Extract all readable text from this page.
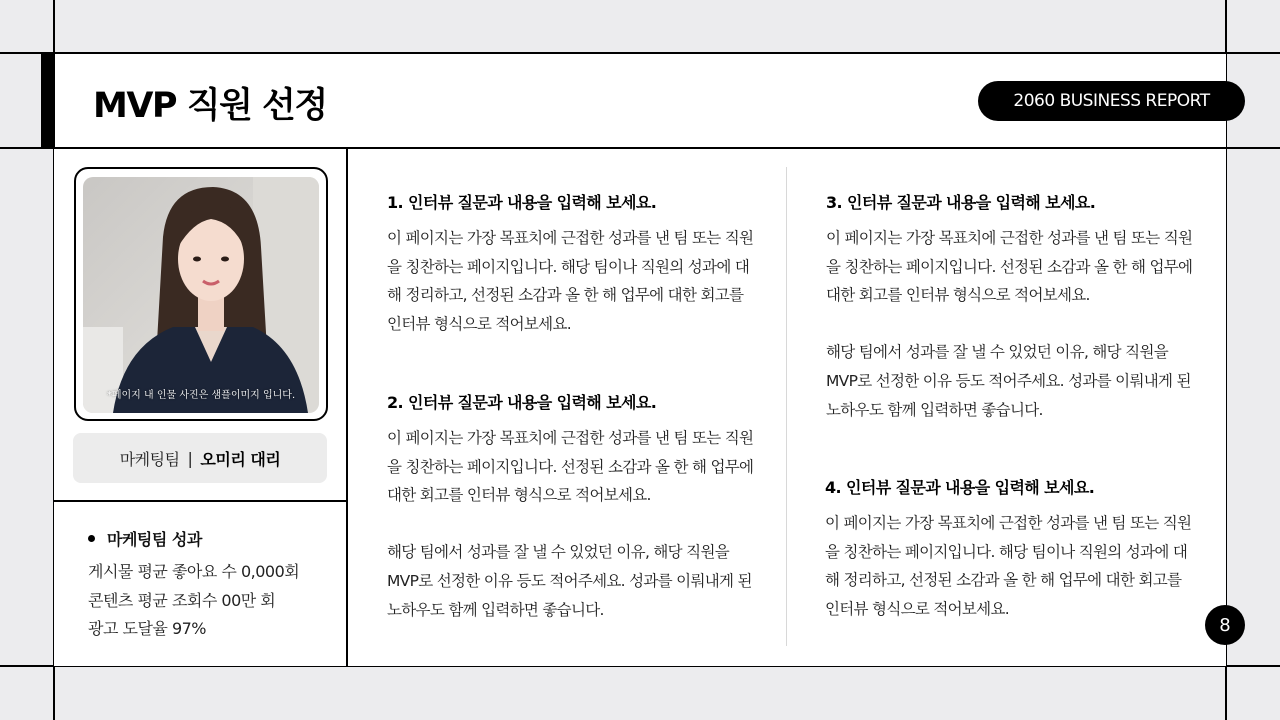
MVP 직원 선정	2060 BUSINESS REPORT
*페이지 내 인물 사진은 샘플이미지 입니다.
마케팅팀 | 오미리 대리
마케팅팀 성과
게시물 평균 좋아요 수 0,000회
콘텐츠 평균 조회수 00만 회
광고 도달율 97%
1. 인터뷰 질문과 내용을 입력해 보세요.

이 페이지는 가장 목표치에 근접한 성과를 낸 팀 또는 직원을 칭찬하는 페이지입니다. 해당 팀이나 직원의 성과에 대해 정리하고, 선정된 소감과 올 한 해 업무에 대한 회고를 인터뷰 형식으로 적어보세요.

2. 인터뷰 질문과 내용을 입력해 보세요.

이 페이지는 가장 목표치에 근접한 성과를 낸 팀 또는 직원을 칭찬하는 페이지입니다. 선정된 소감과 올 한 해 업무에 대한 회고를 인터뷰 형식으로 적어보세요.

해당 팀에서 성과를 잘 낼 수 있었던 이유, 해당 직원을 MVP로 선정한 이유 등도 적어주세요. 성과를 이뤄내게 된 노하우도 함께 입력하면 좋습니다.

3. 인터뷰 질문과 내용을 입력해 보세요.

이 페이지는 가장 목표치에 근접한 성과를 낸 팀 또는 직원을 칭찬하는 페이지입니다. 선정된 소감과 올 한 해 업무에 대한 회고를 인터뷰 형식으로 적어보세요.

해당 팀에서 성과를 잘 낼 수 있었던 이유, 해당 직원을 MVP로 선정한 이유 등도 적어주세요. 성과를 이뤄내게 된 노하우도 함께 입력하면 좋습니다.

4. 인터뷰 질문과 내용을 입력해 보세요.

이 페이지는 가장 목표치에 근접한 성과를 낸 팀 또는 직원을 칭찬하는 페이지입니다. 해당 팀이나 직원의 성과에 대해 정리하고, 선정된 소감과 올 한 해 업무에 대한 회고를 인터뷰 형식으로 적어보세요.

8
